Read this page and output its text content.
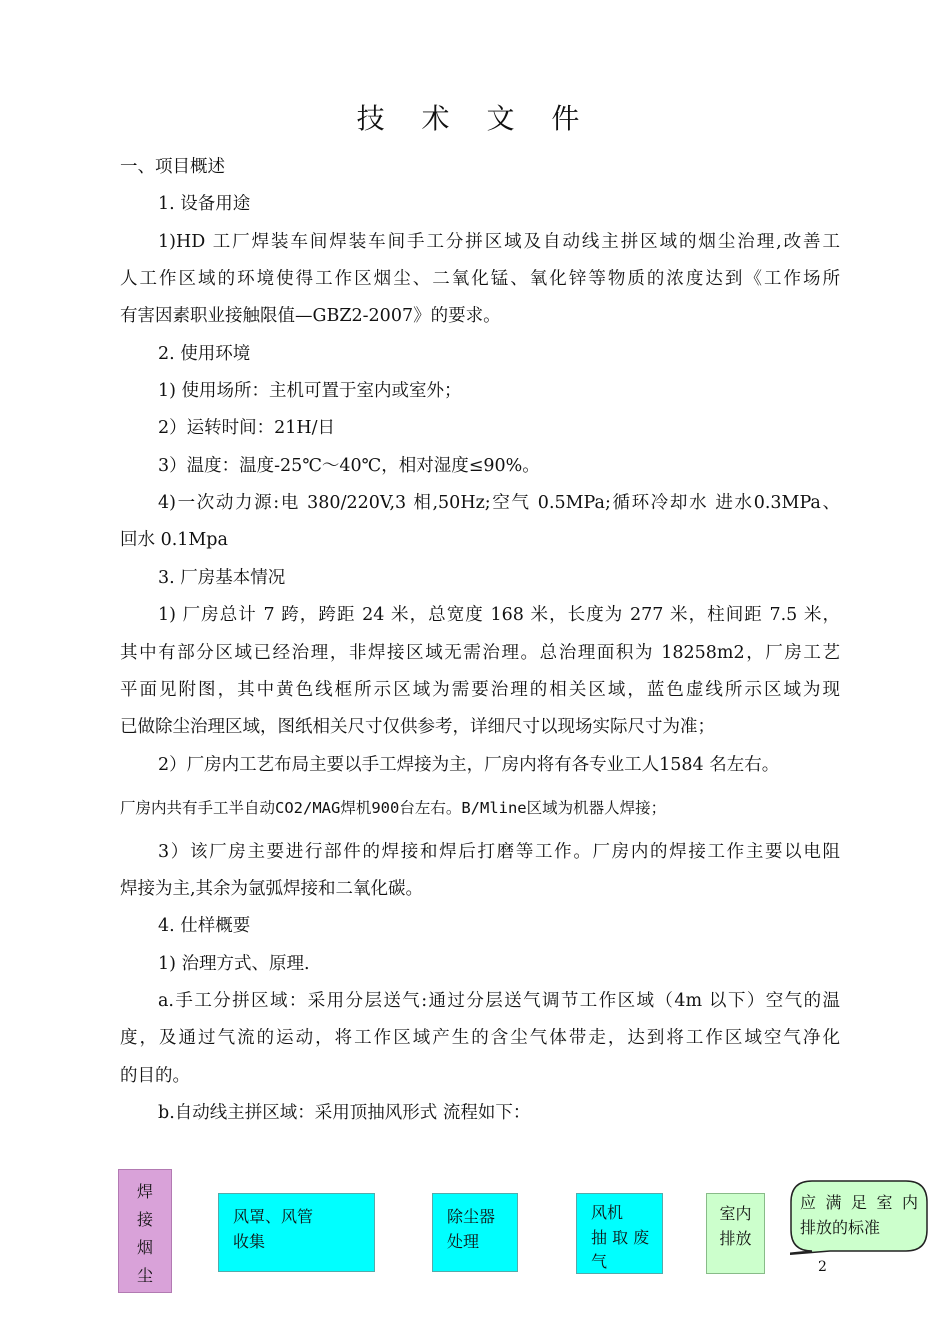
技 术 文 件
一、项目概述
1. 设备用途
1)HD 工厂焊装车间焊装车间手工分拼区域及自动线主拼区域的烟尘治理,改善工
人工作区域的环境使得工作区烟尘、二氧化锰、氧化锌等物质的浓度达到《工作场所
有害因素职业接触限值—GBZ2-2007》的要求。
2. 使用环境
1) 使用场所：主机可置于室内或室外；
2）运转时间：21H/日
3）温度：温度-25℃～40℃，相对湿度≤90%。
4)一次动力源:电 380/220V,3 相,50Hz;空气 0.5MPa;循环冷却水 进水0.3MPa、
回水 0.1Mpa
3. 厂房基本情况
1) 厂房总计 7 跨，跨距 24 米，总宽度 168 米，长度为 277 米，柱间距 7.5 米，
其中有部分区域已经治理，非焊接区域无需治理。总治理面积为 18258m2，厂房工艺
平面见附图，其中黄色线框所示区域为需要治理的相关区域，蓝色虚线所示区域为现
已做除尘治理区域，图纸相关尺寸仅供参考，详细尺寸以现场实际尺寸为准；
2）厂房内工艺布局主要以手工焊接为主，厂房内将有各专业工人1584 名左右。
厂房内共有手工半自动CO2/MAG焊机900台左右。B/Mline区域为机器人焊接；
3）该厂房主要进行部件的焊接和焊后打磨等工作。厂房内的焊接工作主要以电阻
焊接为主,其余为氩弧焊接和二氧化碳。
4. 仕样概要
1) 治理方式、原理.
a.手工分拼区域：采用分层送气:通过分层送气调节工作区域（4m 以下）空气的温
度，及通过气流的运动，将工作区域产生的含尘气体带走，达到将工作区域空气净化
的目的。
b.自动线主拼区域：采用顶抽风形式 流程如下：
焊
接
烟
尘
风罩、风管
收集
除尘器
处理
风机
抽 取 废
气
室内
排放
应满足室内
排放的标准
2
